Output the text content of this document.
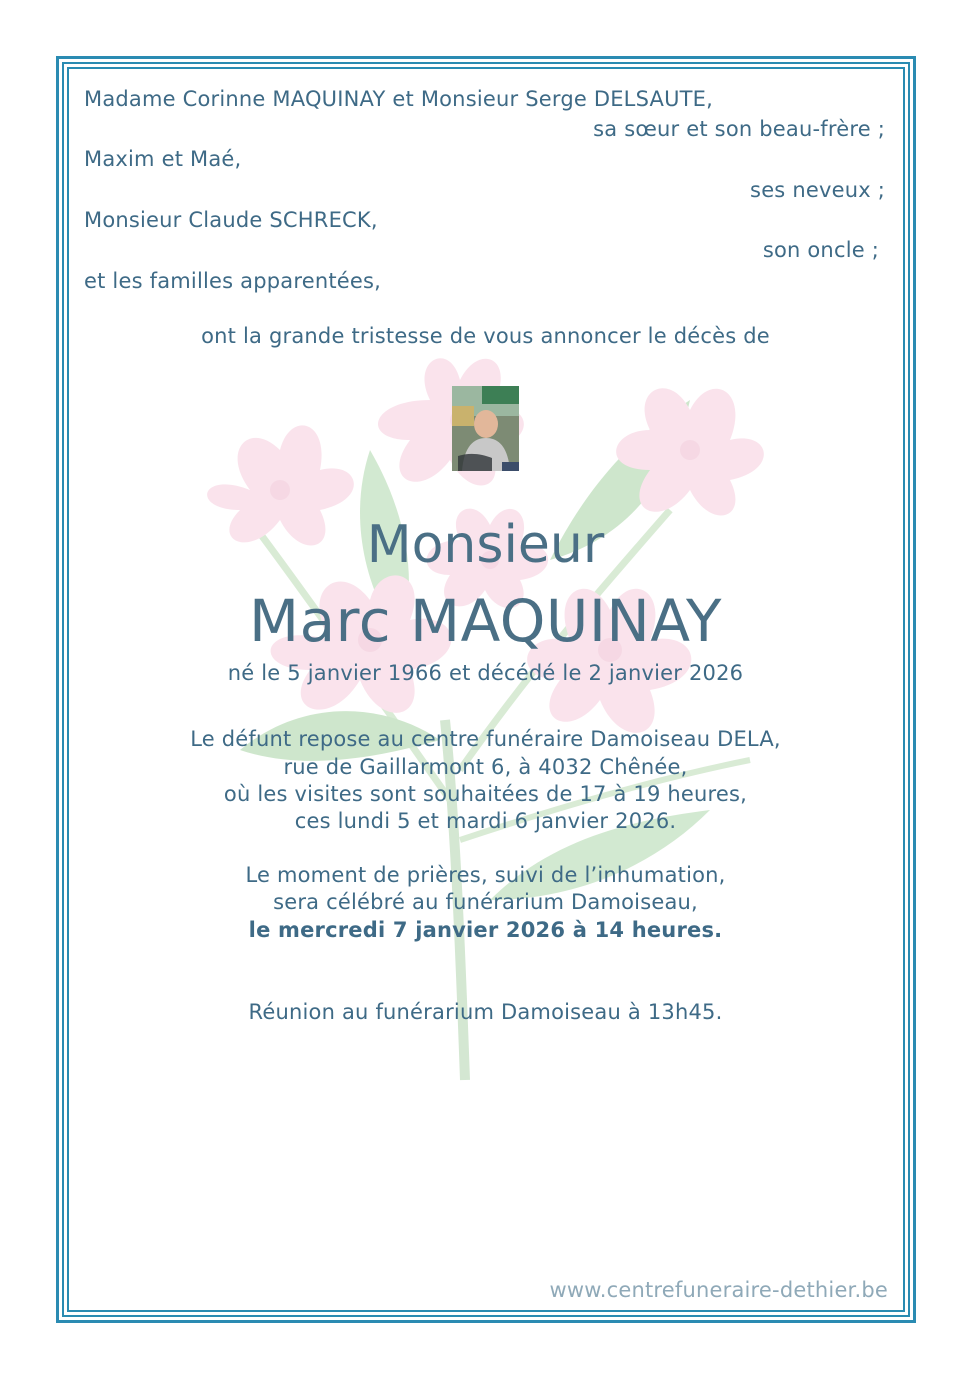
Madame Corinne MAQUINAY et Monsieur Serge DELSAUTE,
sa sœur et son beau-frère ;
Maxim et Maé,
ses neveux ;
Monsieur Claude SCHRECK,
son oncle ;
et les familles apparentées,
ont la grande tristesse de vous annoncer le décès de
Monsieur
Marc MAQUINAY
né le 5 janvier 1966 et décédé le 2 janvier 2026
Le défunt repose au centre funéraire Damoiseau DELA,
rue de Gaillarmont 6, à 4032 Chênée,
où les visites sont souhaitées de 17 à 19 heures,
ces lundi 5 et mardi 6 janvier 2026.
Le moment de prières, suivi de l’inhumation,
sera célébré au funérarium Damoiseau,
le mercredi 7 janvier 2026 à 14 heures.
Réunion au funérarium Damoiseau à 13h45.
www.centrefuneraire-dethier.be
